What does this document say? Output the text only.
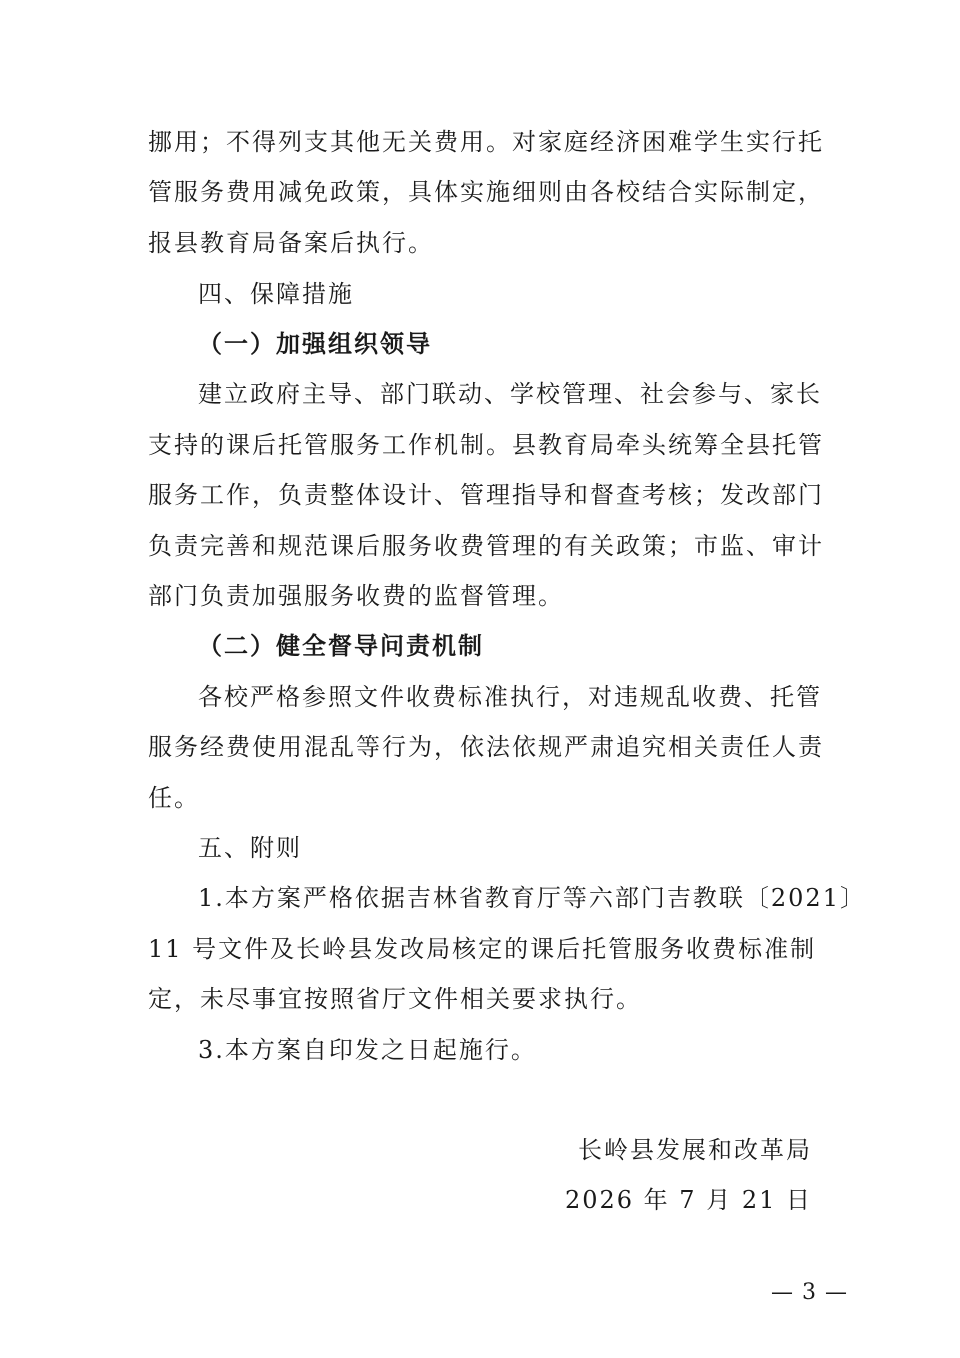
挪用；不得列支其他无关费用。对家庭经济困难学生实行托
管服务费用减免政策，具体实施细则由各校结合实际制定，
报县教育局备案后执行。
四、保障措施
（一）加强组织领导
建立政府主导、部门联动、学校管理、社会参与、家长
支持的课后托管服务工作机制。县教育局牵头统筹全县托管
服务工作，负责整体设计、管理指导和督查考核；发改部门
负责完善和规范课后服务收费管理的有关政策；市监、审计
部门负责加强服务收费的监督管理。
（二）健全督导问责机制
各校严格参照文件收费标准执行，对违规乱收费、托管
服务经费使用混乱等行为，依法依规严肃追究相关责任人责
任。
五、附则
1.本方案严格依据吉林省教育厅等六部门吉教联〔2021〕
11 号文件及长岭县发改局核定的课后托管服务收费标准制
定，未尽事宜按照省厅文件相关要求执行。
3.本方案自印发之日起施行。
长岭县发展和改革局
2026 年 7 月 21 日
— 3 —
